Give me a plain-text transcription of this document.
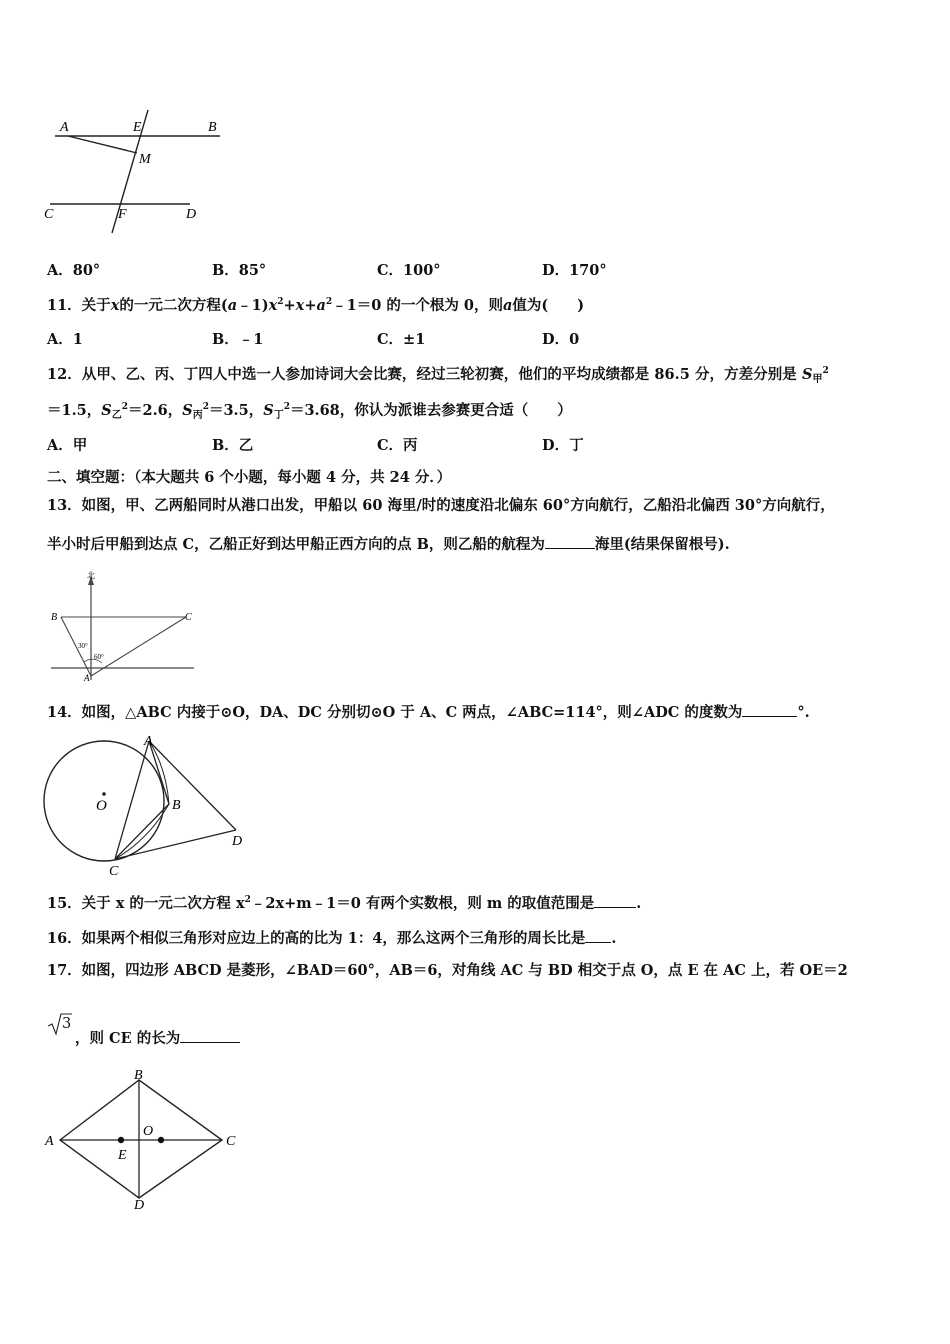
A	E	B
M
C	F	D
A．80°	B．85°	C．100°	D．170°
11．关于x的一元二次方程$(a﹣1)x^2+x+a^2﹣1=0$ 的一个根为 0，则a值为(　　)
A．1	B．﹣1	C．±1	D．0
12．从甲、乙、丙、丁四人中选一人参加诗词大会比赛，经过三轮初赛，他们的平均成绩都是 86.5 分，方差分别是 $S_甲^2$
＝1.5，$S_乙^2=2.6$，$S_丙^2=3.5$，$S_丁^2=3.68$，你认为派谁去参赛更合适（　　）
A．甲	B．乙	C．丙	D．丁
二、填空题：（本大题共 6 个小题，每小题 4 分，共 24 分．）
13．如图，甲、乙两船同时从港口出发，甲船以 60 海里/时的速度沿北偏东 60°方向航行，乙船沿北偏西 30°方向航行，
半小时后甲船到达点 C，乙船正好到达甲船正西方向的点 B，则乙船的航程为	海里(结果保留根号).
北
B	C
A
30°
60°
14．如图，△ABC 内接于⊙O，DA、DC 分别切⊙O 于 A、C 两点，∠ABC=114°，则∠ADC 的度数为	°.
A
O	B
C
D
15．关于 x 的一元二次方程 $x^2﹣2x+m﹣1=0$ 有两个实数根，则 m 的取值范围是	.
16．如果两个相似三角形对应边上的高的比为 1：4，那么这两个三角形的周长比是 .
17．如图，四边形 ABCD 是菱形，∠BAD＝60°，AB＝6，对角线 AC 与 BD 相交于点 O，点 E 在 AC 上，若 OE＝2
3
，则 CE 的长为
A
B
C
D
O
E
